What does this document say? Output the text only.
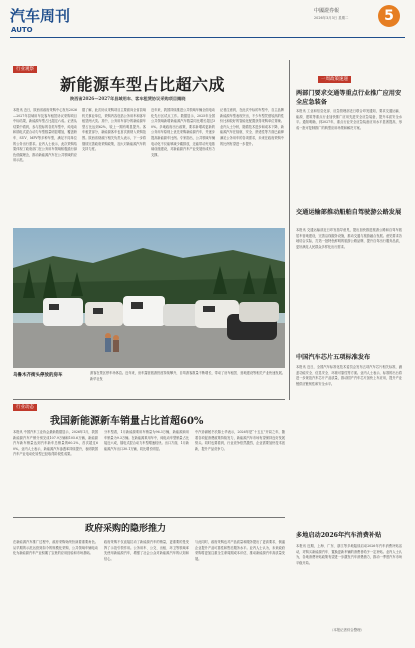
汽车周刊
AUTO
中國證券報
2026年3月3日 星期二	5
行业观察
新能源车型占比超六成
陕西省2026—2027年县域用车、客车租赁协议采购项目揭晓
本报讯 近日，陕西省政府采购中心发布2026—2027年县域用车及客车租赁协议采购项目中标结果，新能源车型占比超过六成。记者从结果中看到，参与投标的各类车型中，纯电动和插电式混合动力车型数量明显增加，覆盖轿车、SUV、MPV等多种车型，满足不同单位的公务出行需求。业内人士表示，此次采购结果体现了政府部门在公务用车领域积极践行绿色低碳理念，推动新能源汽车在公共领域的应用示范。
据了解，此次协议采购项目主要面向全省县域机关事业单位，采购内容包括公务用车和客车租赁两大类。其中，公务用车部分的新能源车型占比达到62%，较上一期有明显提升。客车租赁部分，新能源客车也首次被纳入采购范围。陕西省财政厅相关负责人表示，下一步将继续完善政府采购政策，加大对新能源汽车的支持力度。
近年来，我国持续推进公共领域车辆全面电动化先行区试点工作。数据显示，2025年全国公共领域新增新能源汽车数量同比增长超过30%。多地政府出台政策，要求新增或更新的公务用车原则上优先采购新能源汽车，并逐步提高新能源车比例。专家指出，公共领域车辆电动化不仅能够减少碳排放，还能带动充电基础设施建设，对新能源汽车产业发展形成有力支撑。
记者注意到，在此次中标的车型中，自主品牌新能源车型表现突出，不少车型凭借较高的性价比和较好的智能化配置获得采购单位青睐。业内人士分析，随着技术进步和成本下降，新能源汽车在续航、安全、舒适性等方面已能够满足公务用车的各项需求，未来在政府采购中的比例有望进一步提升。
乌鲁木齐街头停放的房车	游客在景区停车场休息。近年来，房车露营旅游热度持续攀升，自驾游客数量不断增长，带动了房车租赁、营地建设等相关产业快速发展。新华社发
一周政策速递
两部门要求交通等重点行业推广应用安全应急装备
本报讯 工业和信息化部、应急管理部近日联合印发通知，要求交通运输、能源、建筑等重点行业加快推广应用先进安全应急装备，提升本质安全水平。通知明确，到2027年，重点行业安全应急装备应用水平显著提高，形成一批可复制推广的典型应用场景和解决方案。
交通运输部推动船舶自驾驶游公路发展
本报讯 交通运输部近日印发指导意见，提出加快推进旅游公路和自驾车旅居车营地建设，完善沿线服务设施，推动交通与旅游融合发展。意见要求各地结合实际，打造一批特色鲜明的旅游公路品牌，提升自驾出行服务品质，更好满足人民群众多样化出行需求。
中国汽车芯片五项标准发布
本报讯 近日，全国汽车标准化技术委员会发布五项汽车芯片相关标准，涵盖功能安全、信息安全、环境可靠性等方面。业内人士表示，标准的出台将进一步规范汽车芯片产品质量，推动国产汽车芯片加快上车应用，提升产业链供应链韧性和安全水平。
多地启动2026年汽车消费补贴
本报讯 近期，上海、广东、浙江等多地陆续启动2026年汽车消费补贴活动，对购买新能源汽车、置换更新车辆的消费者给予一定补贴。业内人士认为，各地消费补贴政策有望进一步激发汽车消费潜力，推动一季度汽车市场平稳开局。
（本报记者综合整理）
行业动态
我国新能源新车销量占比首超60%
本报讯 中国汽车工业协会最新数据显示，2026年1月，我国新能源汽车产销分别完成107.9万辆和105.6万辆，新能源汽车新车销量达到汽车新车总销量的60.2%，首次超过60%。业内人士表示，新能源汽车渗透率持续提升，表明我国汽车产业电动化转型已经取得阶段性成果。
分车型看，1月新能源乘用车销量为96.3万辆，新能源商用车销量为9.3万辆。在新能源乘用车中，纯电动车型销量占比接近六成，插电式混合动力车型增速较快。出口方面，1月新能源汽车出口30.1万辆，同比增长明显。
中汽协副秘书长陈士华表示，2026年是“十五五”开局之年，随着各项促消费政策持续发力，新能源汽车市场有望保持良好发展势头。同时也要看到，行业竞争依然激烈，企业需要加快技术创新，提升产品竞争力。
政府采购的隐形推力
在新能源汽车推广过程中，政府采购始终扮演着重要角色。从早期的示范运营到如今的规模化采购，公共领域车辆电动化为新能源汽车产业积累了宝贵的应用经验和市场基础。
政府采购不仅直接拉动了新能源汽车的销量，更重要的是发挥了示范引领作用。公务用车、公交、出租、环卫等领域率先使用新能源汽车，增强了社会公众对新能源汽车的认知和信心。
与此同时，政府采购也对产品质量和服务提出了更高要求，倒逼企业提升产品可靠性和售后服务水平。业内人士认为，未来政府采购将更加注重全生命周期成本评估，推动新能源汽车高质量发展。
